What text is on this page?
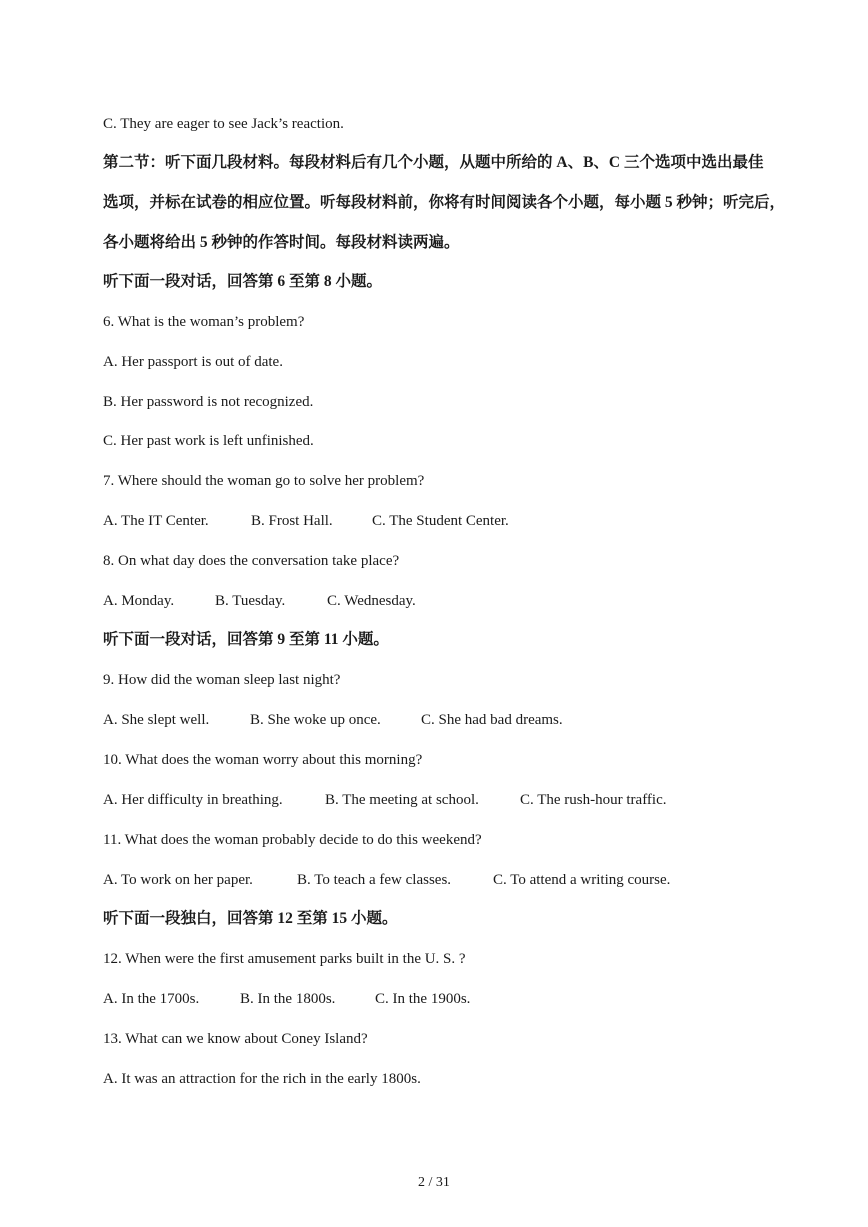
C. They are eager to see Jack’s reaction.
第二节：听下面几段材料。每段材料后有几个小题，从题中所给的 A、B、C 三个选项中选出最佳
选项，并标在试卷的相应位置。听每段材料前，你将有时间阅读各个小题，每小题 5 秒钟；听完后，
各小题将给出 5 秒钟的作答时间。每段材料读两遍。
听下面一段对话，回答第 6 至第 8 小题。
6. What is the woman’s problem?
A. Her passport is out of date.
B. Her password is not recognized.
C. Her past work is left unfinished.
7. Where should the woman go to solve her problem?
A. The IT Center.	B. Frost Hall.	C. The Student Center.
8. On what day does the conversation take place?
A. Monday.	B. Tuesday.	C. Wednesday.
听下面一段对话，回答第 9 至第 11 小题。
9. How did the woman sleep last night?
A. She slept well.	B. She woke up once.	C. She had bad dreams.
10. What does the woman worry about this morning?
A. Her difficulty in breathing.	B. The meeting at school.	C. The rush-hour traffic.
11. What does the woman probably decide to do this weekend?
A. To work on her paper.	B. To teach a few classes.	C. To attend a writing course.
听下面一段独白，回答第 12 至第 15 小题。
12. When were the first amusement parks built in the U. S. ?
A. In the 1700s.	B. In the 1800s.	C. In the 1900s.
13. What can we know about Coney Island?
A. It was an attraction for the rich in the early 1800s.
2 / 31
